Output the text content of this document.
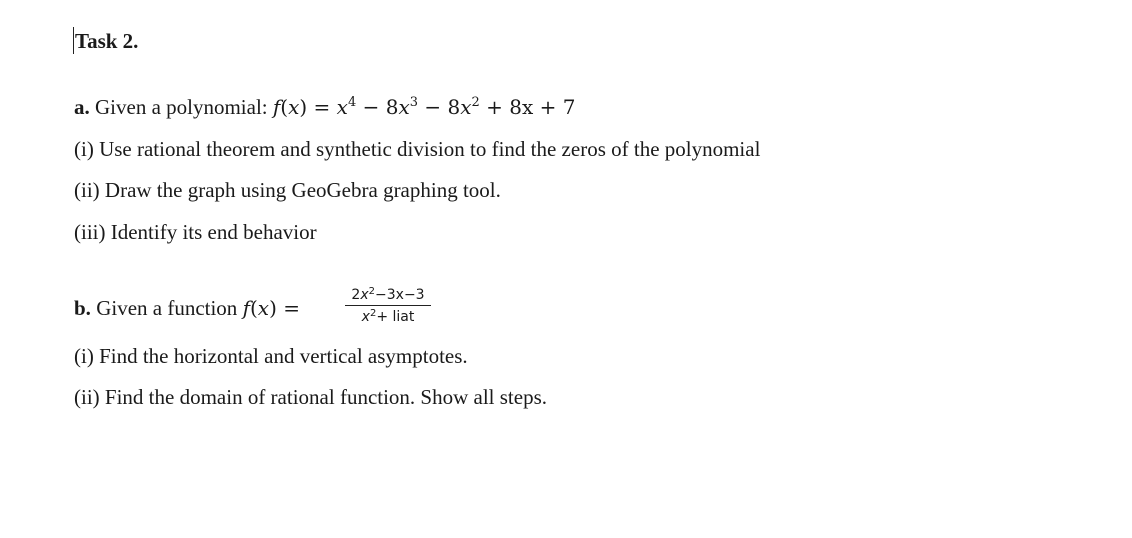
Task 2.
a. Given a polynomial: $f(x) = x^4 - 8x^3 - 8x^2 + 8x + 7$
(i) Use rational theorem and synthetic division to find the zeros of the polynomial
(ii) Draw the graph using GeoGebra graphing tool.
(iii) Identify its end behavior
b. Given a function f(x) =
$2x^2-3x-3$
$x^2+$ liat
(i) Find the horizontal and vertical asymptotes.
(ii) Find the domain of rational function. Show all steps.
